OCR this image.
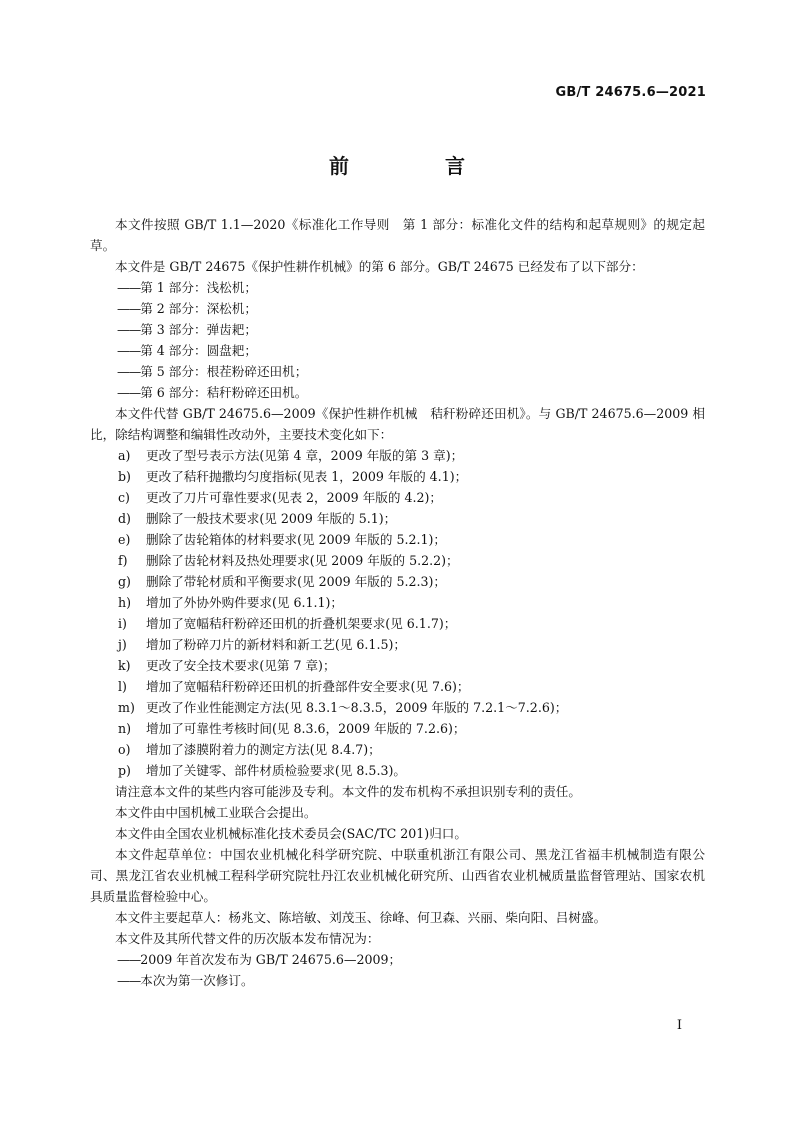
GB/T 24675.6—2021
前　言

本文件按照 GB/T 1.1—2020《标准化工作导则　第 1 部分：标准化文件的结构和起草规则》的规定起草。

本文件是 GB/T 24675《保护性耕作机械》的第 6 部分。GB/T 24675 已经发布了以下部分：

——第 1 部分：浅松机；

——第 2 部分：深松机；

——第 3 部分：弹齿耙；

——第 4 部分：圆盘耙；

——第 5 部分：根茬粉碎还田机；

——第 6 部分：秸秆粉碎还田机。

本文件代替 GB/T 24675.6—2009《保护性耕作机械　秸秆粉碎还田机》。与 GB/T 24675.6—2009 相比，除结构调整和编辑性改动外，主要技术变化如下：

a)	更改了型号表示方法(见第 4 章，2009 年版的第 3 章)；

b)	更改了秸秆抛撒均匀度指标(见表 1，2009 年版的 4.1)；

c)	更改了刀片可靠性要求(见表 2，2009 年版的 4.2)；

d)	删除了一般技术要求(见 2009 年版的 5.1)；

e)	删除了齿轮箱体的材料要求(见 2009 年版的 5.2.1)；

f)	删除了齿轮材料及热处理要求(见 2009 年版的 5.2.2)；

g)	删除了带轮材质和平衡要求(见 2009 年版的 5.2.3)；

h)	增加了外协外购件要求(见 6.1.1)；

i)	增加了宽幅秸秆粉碎还田机的折叠机架要求(见 6.1.7)；

j)	增加了粉碎刀片的新材料和新工艺(见 6.1.5)；

k)	更改了安全技术要求(见第 7 章)；

l)	增加了宽幅秸秆粉碎还田机的折叠部件安全要求(见 7.6)；

m) 更改了作业性能测定方法(见 8.3.1～8.3.5，2009 年版的 7.2.1～7.2.6)；

n)	增加了可靠性考核时间(见 8.3.6，2009 年版的 7.2.6)；

o)	增加了漆膜附着力的测定方法(见 8.4.7)；

p)	增加了关键零、部件材质检验要求(见 8.5.3)。

请注意本文件的某些内容可能涉及专利。本文件的发布机构不承担识别专利的责任。

本文件由中国机械工业联合会提出。

本文件由全国农业机械标准化技术委员会(SAC/TC 201)归口。

本文件起草单位：中国农业机械化科学研究院、中联重机浙江有限公司、黑龙江省福丰机械制造有限公司、黑龙江省农业机械工程科学研究院牡丹江农业机械化研究所、山西省农业机械质量监督管理站、国家农机具质量监督检验中心。

本文件主要起草人：杨兆文、陈培敏、刘茂玉、徐峰、何卫森、兴丽、柴向阳、吕树盛。

本文件及其所代替文件的历次版本发布情况为：

——2009 年首次发布为 GB/T 24675.6—2009；

——本次为第一次修订。

I
